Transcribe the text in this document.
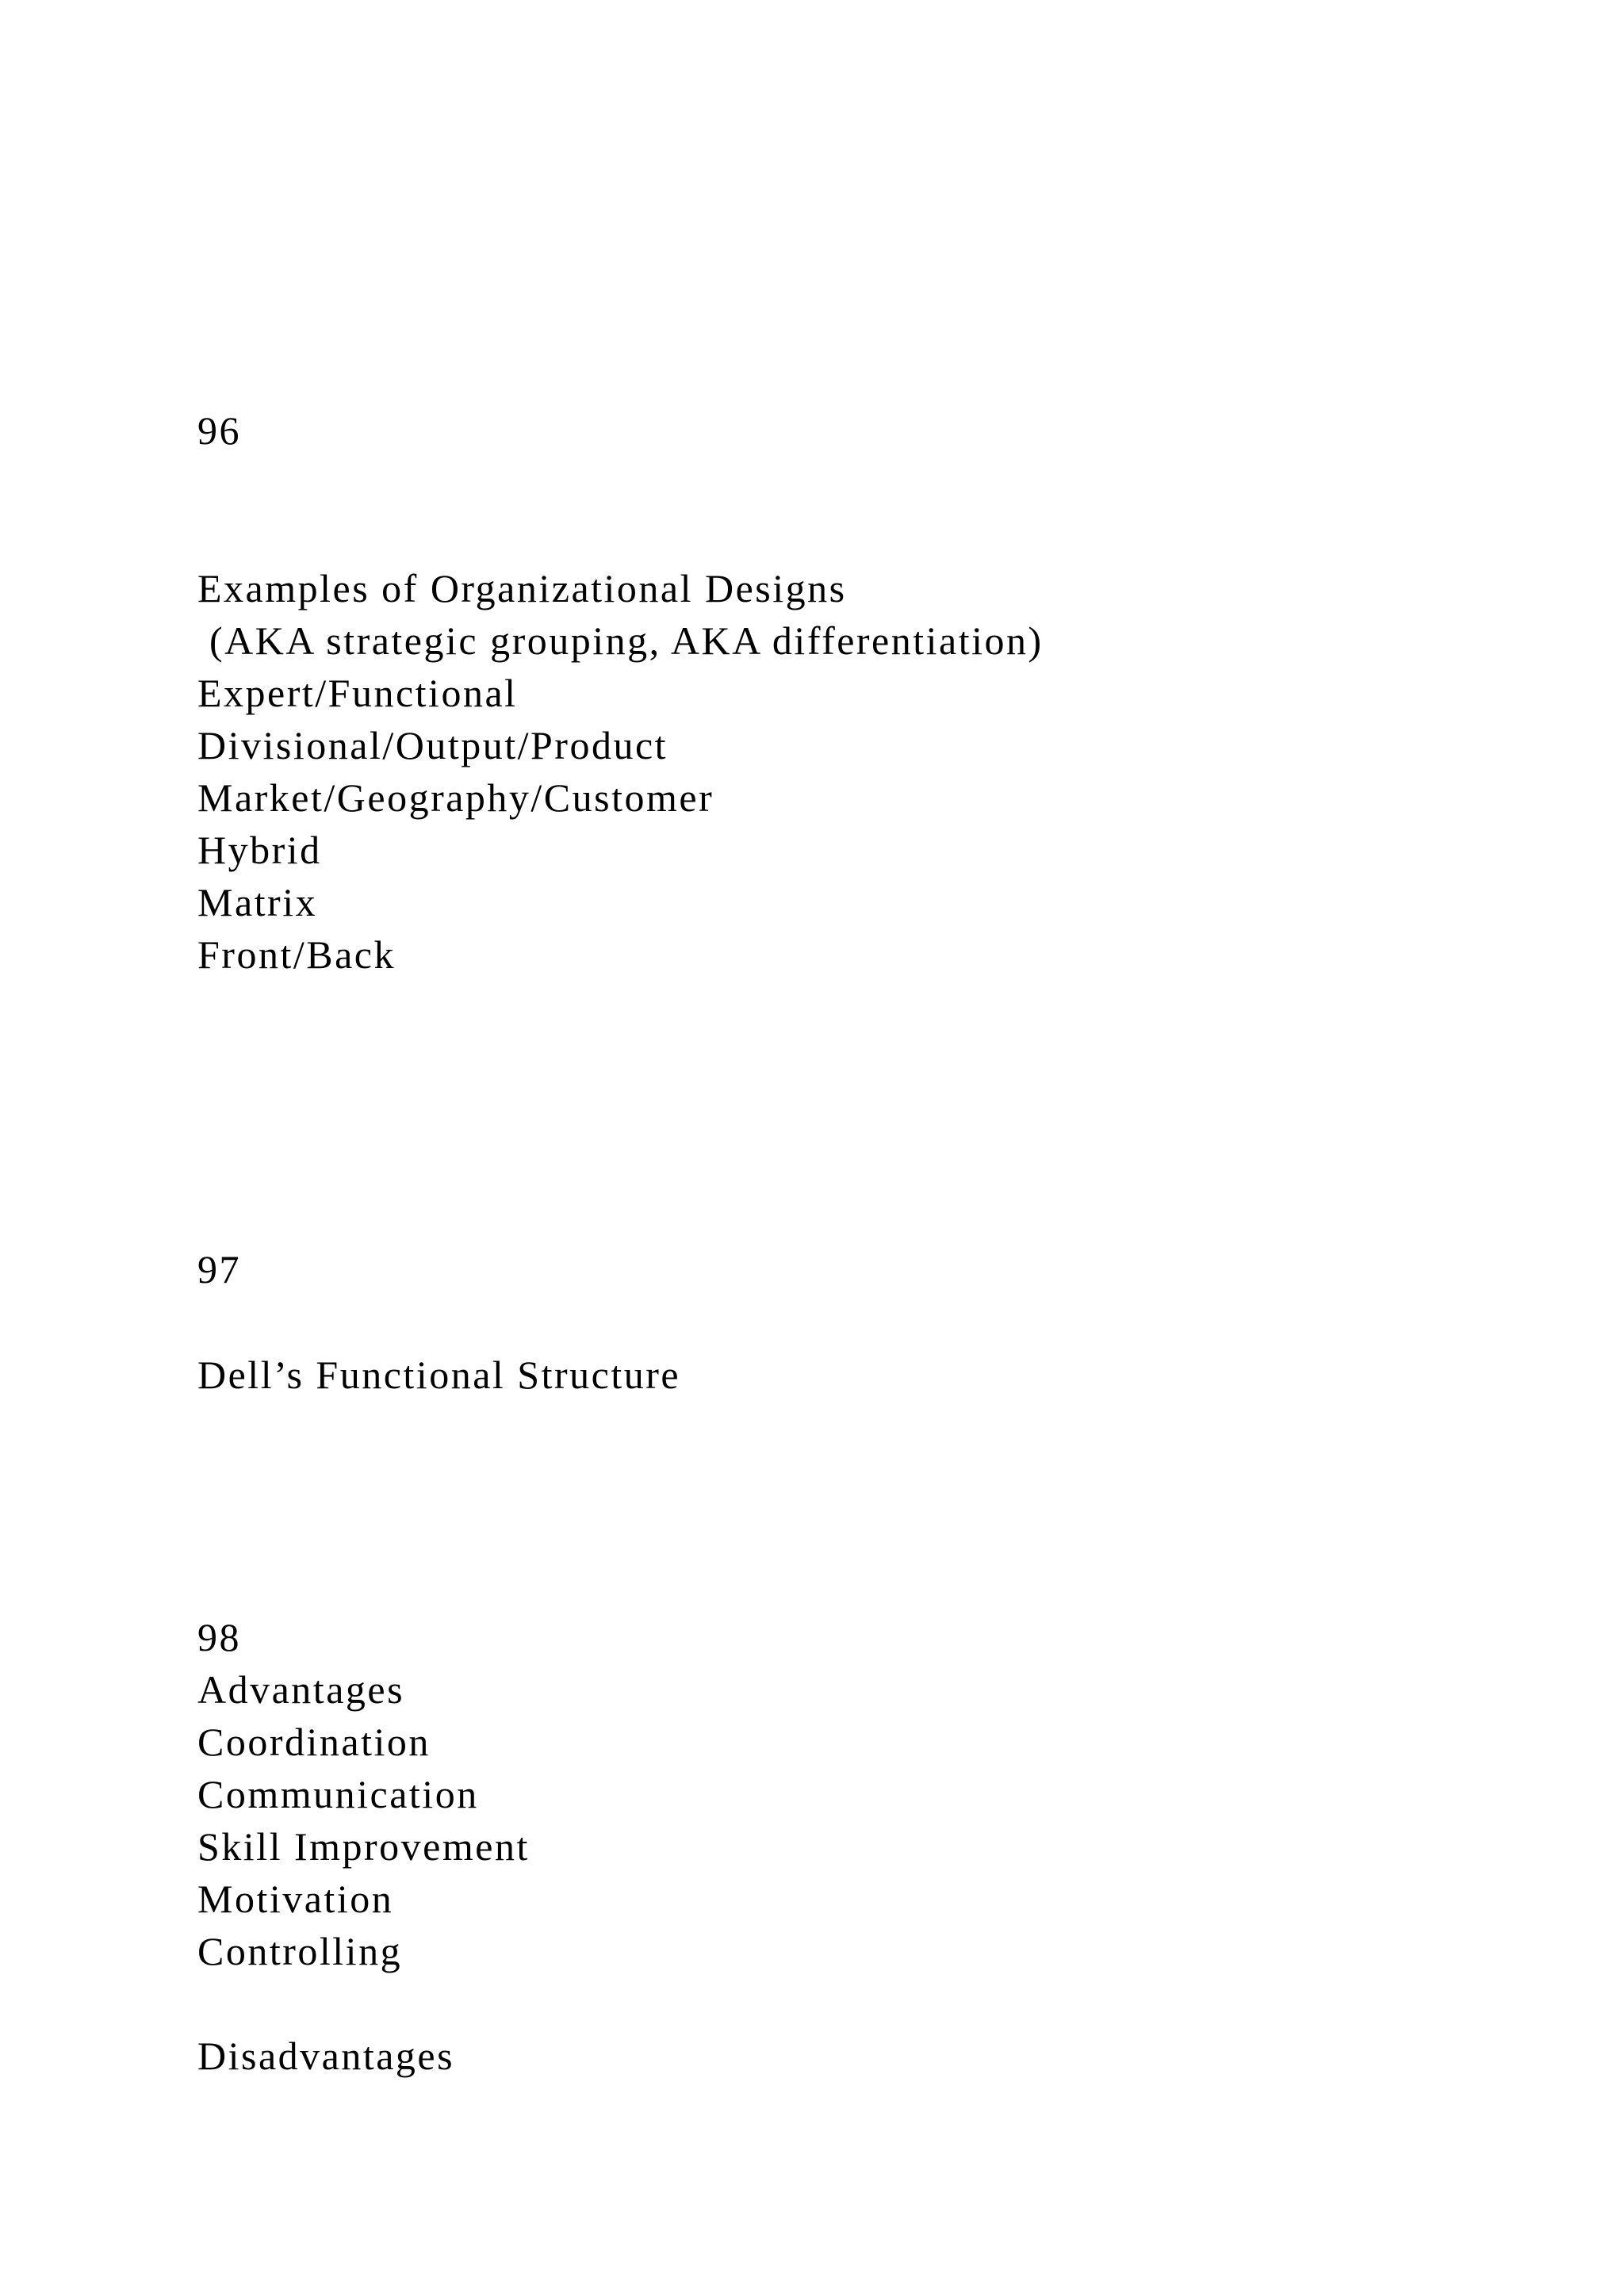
96
Examples of Organizational Designs
(AKA strategic grouping, AKA differentiation)
Expert/Functional
Divisional/Output/Product
Market/Geography/Customer
Hybrid
Matrix
Front/Back
97
Dell’s Functional Structure
98
Advantages
Coordination
Communication
Skill Improvement
Motivation
Controlling
Disadvantages
